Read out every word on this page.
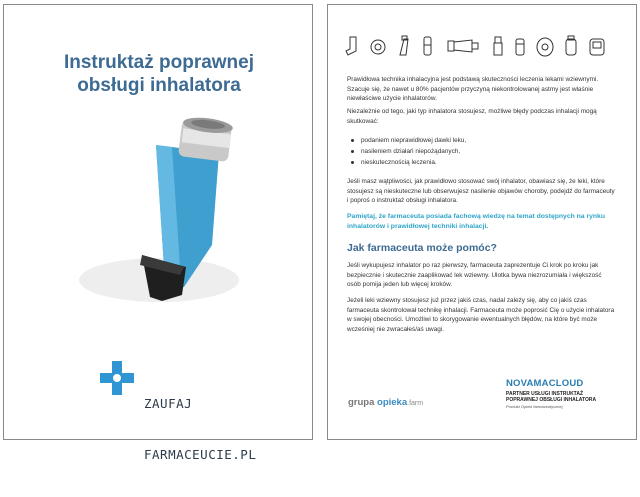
Instruktaż poprawnej
obsługi inhalatora

ZAUFAJ

FARMACEUCIE.PL

Prawidłowa technika inhalacyjna jest podstawą skuteczności leczenia lekami wziewnymi. Szacuje się, że nawet u 80% pacjentów przyczyną niekontrolowanej astmy jest właśnie niewłaściwe użycie inhalatorów.
Niezależnie od tego, jaki typ inhalatora stosujesz, możliwe błędy podczas inhalacji mogą skutkować:
podaniem nieprawidłowej dawki leku,
nasileniem działań niepożądanych,
nieskutecznością leczenia.
Jeśli masz wątpliwości, jak prawidłowo stosować swój inhalator, obawiasz się, że leki, które stosujesz są nieskuteczne lub obserwujesz nasilenie objawów choroby, podejdź do farmaceuty i poproś o instruktaż obsługi inhalatora.
Pamiętaj, że farmaceuta posiada fachową wiedzę na temat dostępnych na rynku inhalatorów i prawidłowej techniki inhalacji.
Jak farmaceuta może pomóc?
Jeśli wykupujesz inhalator po raz pierwszy, farmaceuta zaprezentuje Ci krok po kroku jak bezpiecznie i skutecznie zaaplikować lek wziewny. Ulotka bywa niezrozumiała i większość osób pomija jeden lub więcej kroków.
Jeżeli leki wziewny stosujesz już przez jakiś czas, nadal zależy się, aby co jakiś czas farmaceuta skontrolował technikę inhalacji. Farmaceuta może poprosić Cię o użycie inhalatora w swojej obecności. Umożliwi to skorygowanie ewentualnych błędów, na które być może wcześniej nie zwracałeś/aś uwagi.
grupa opieka.farm
NOVAMACLOUD
PARTNER USŁUGI INSTRUKTAŻ
POPRAWNEJ OBSŁUGI INHALATORA
Produkt Opieki farmaceutycznej
